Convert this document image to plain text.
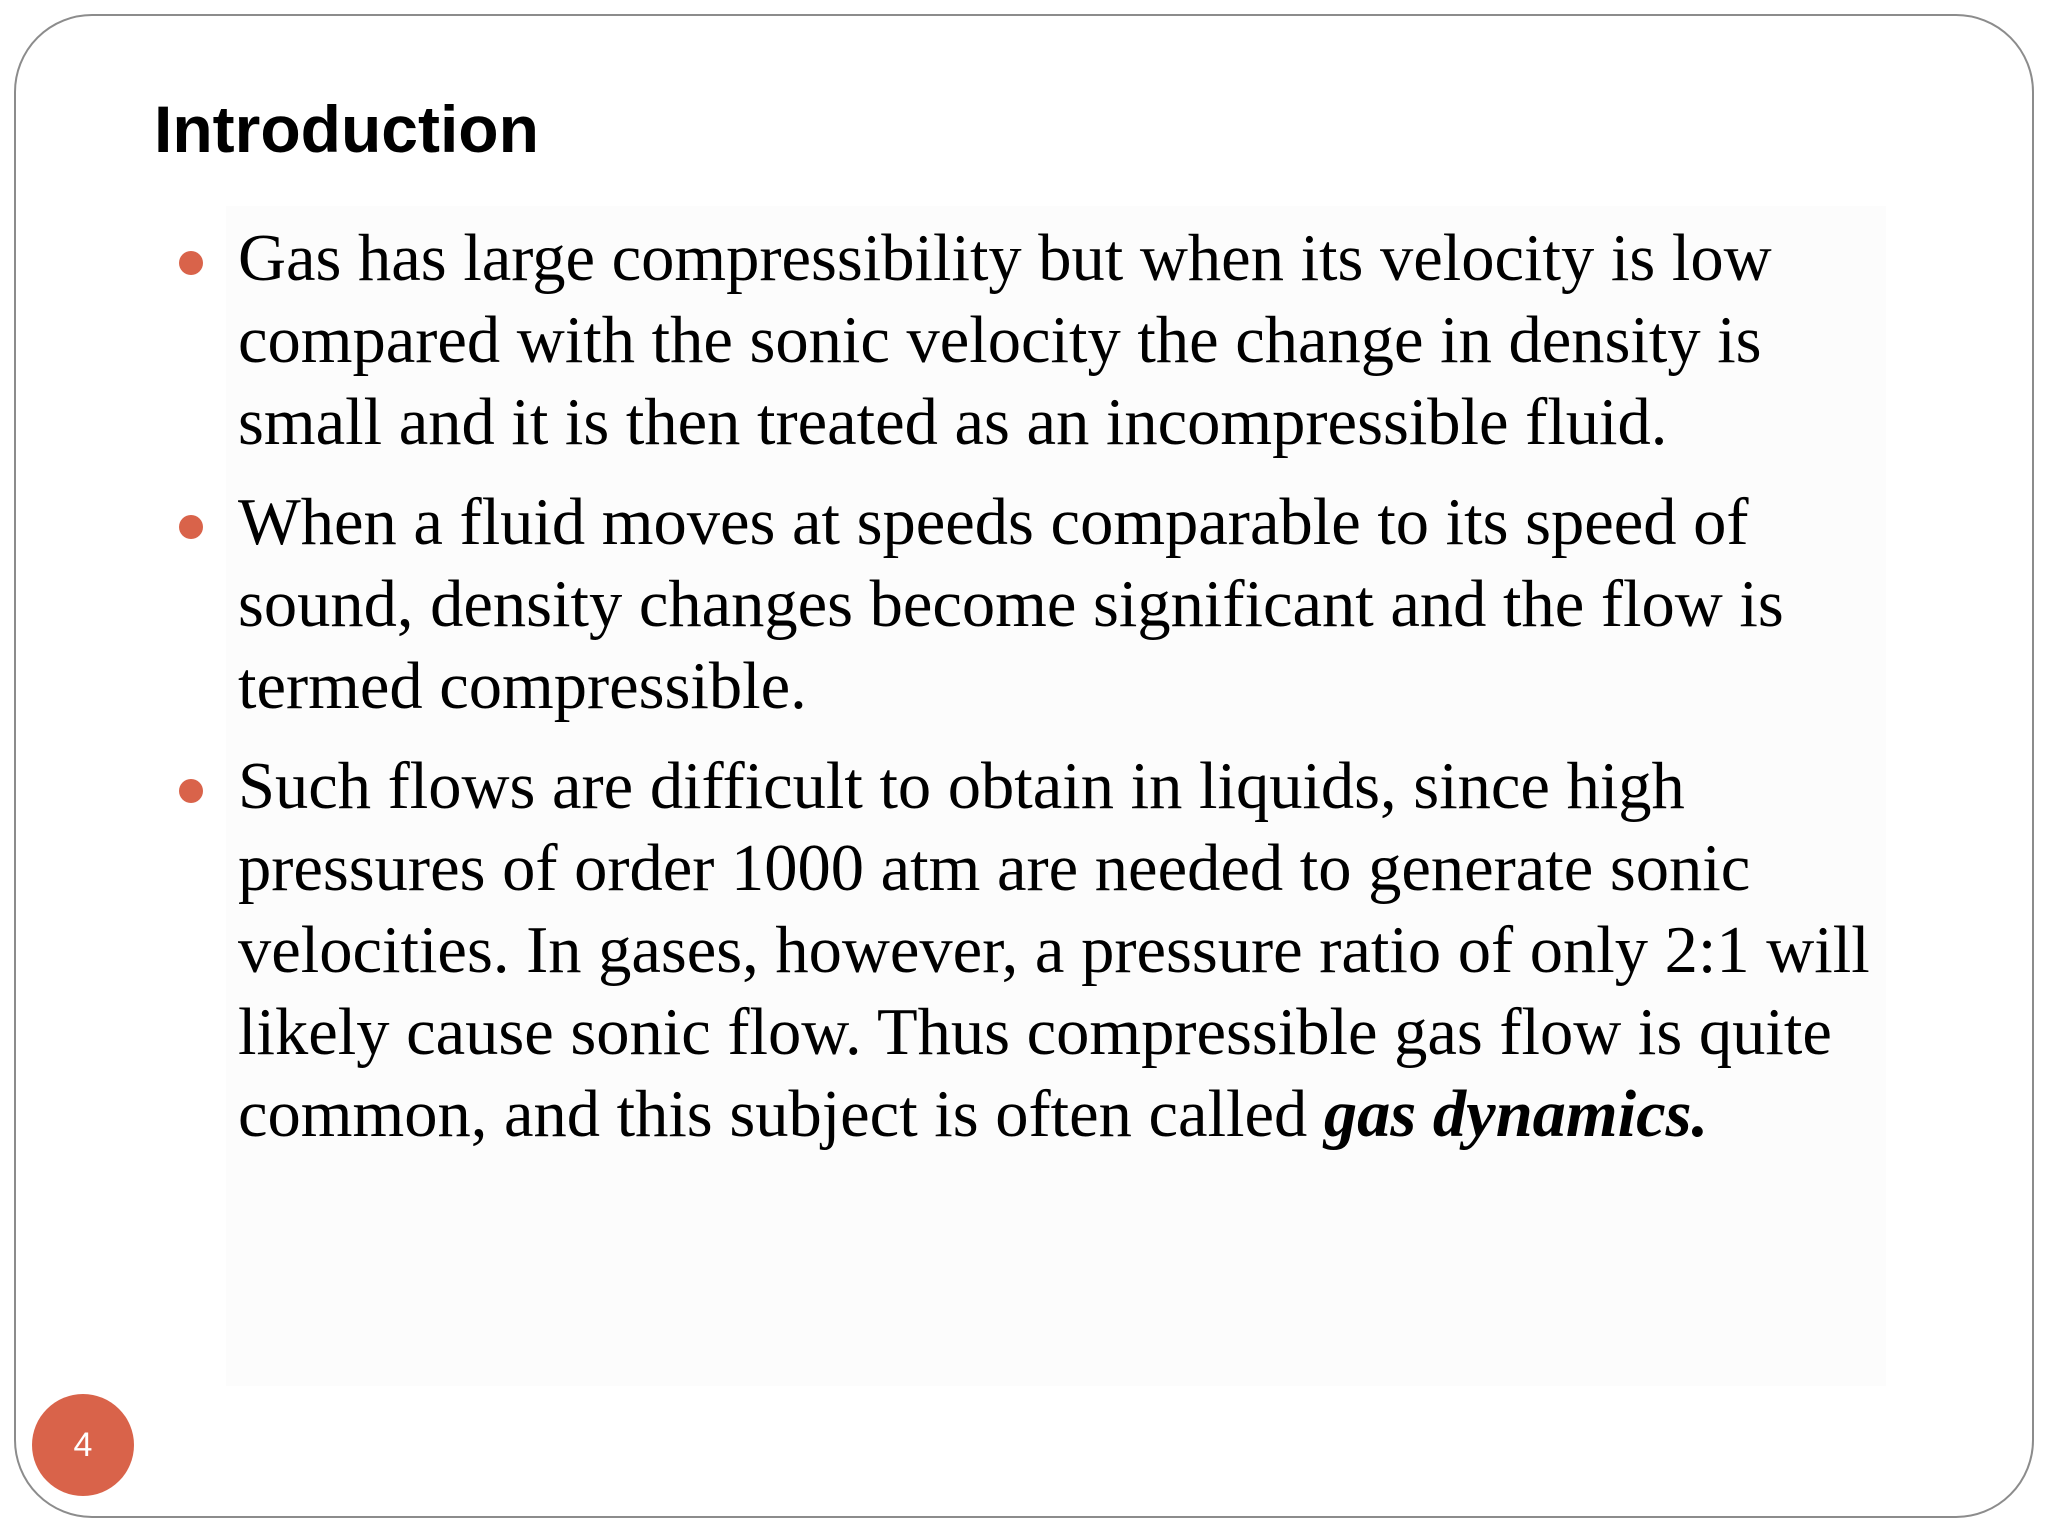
Introduction
Gas has large compressibility but when its velocity is low compared with the sonic velocity the change in density is small and it is then treated as an incompressible fluid.
When a fluid moves at speeds comparable to its speed of sound, density changes become significant and the flow is termed compressible.
Such flows are difficult to obtain in liquids, since high pressures of order 1000 atm are needed to generate sonic velocities. In gases, however, a pressure ratio of only 2:1 will likely cause sonic flow. Thus compressible gas flow is quite common, and this subject is often called gas dynamics.
4
